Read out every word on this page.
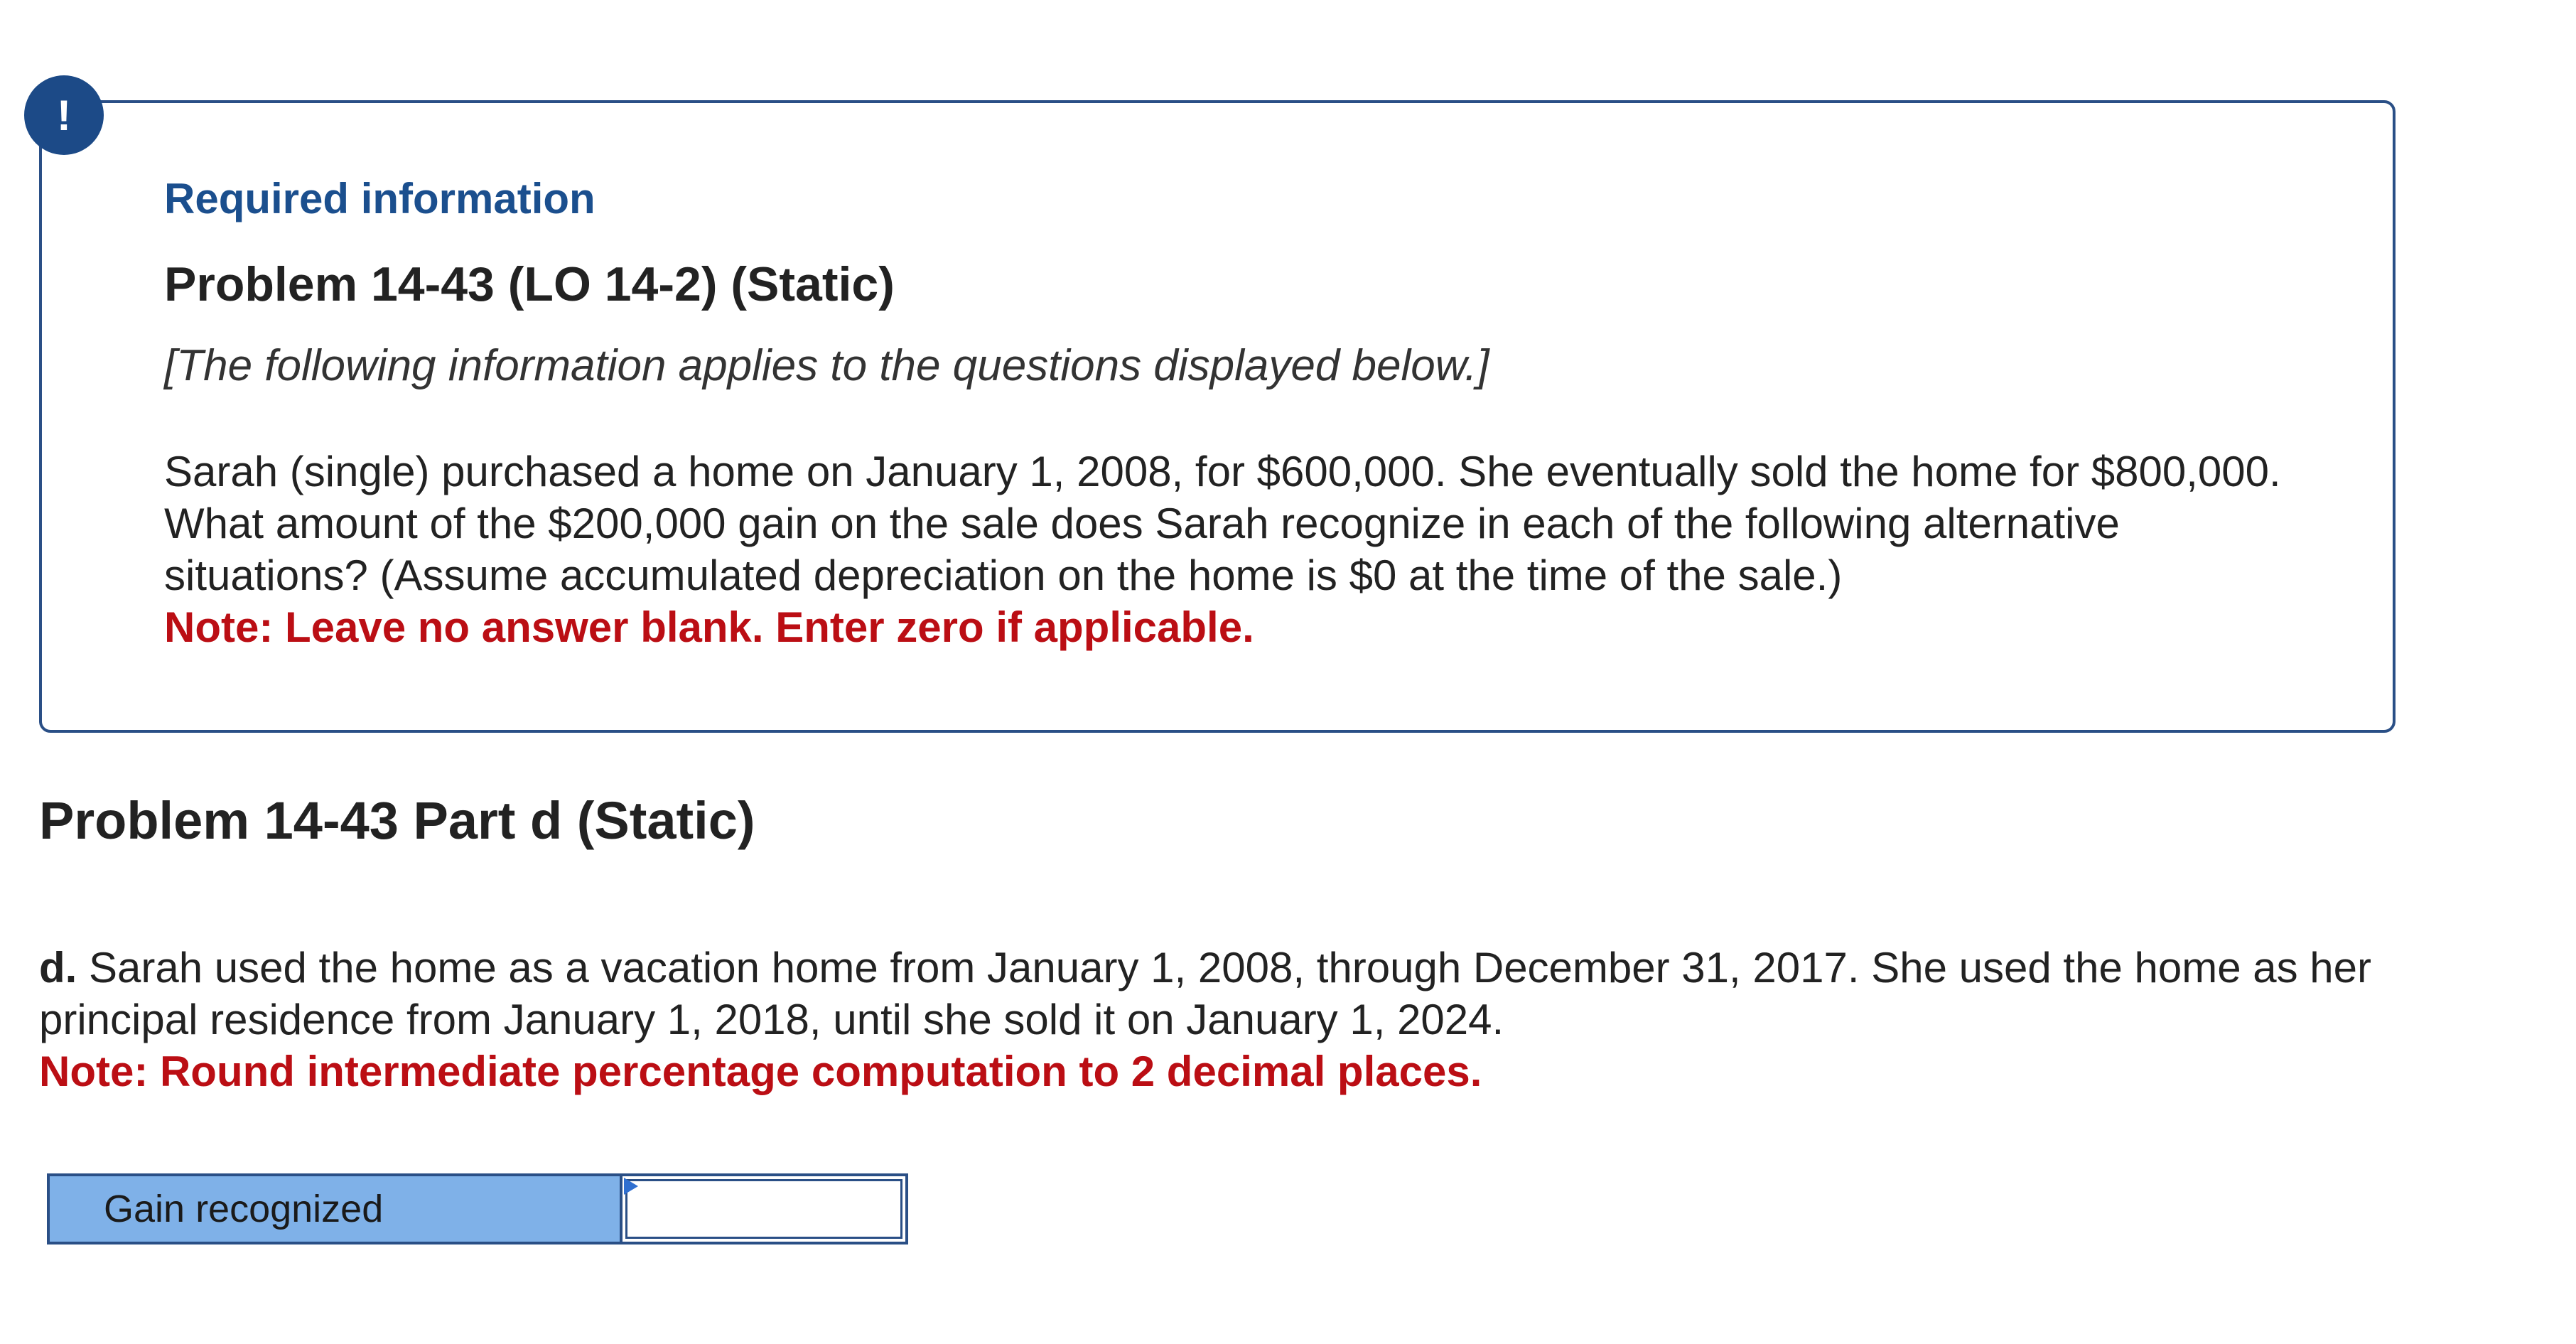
!
Required information
Problem 14-43 (LO 14-2) (Static)
[The following information applies to the questions displayed below.]
Sarah (single) purchased a home on January 1, 2008, for $600,000. She eventually sold the home for $800,000. What amount of the $200,000 gain on the sale does Sarah recognize in each of the following alternative situations? (Assume accumulated depreciation on the home is $0 at the time of the sale.)
Note: Leave no answer blank. Enter zero if applicable.
Problem 14-43 Part d (Static)
d. Sarah used the home as a vacation home from January 1, 2008, through December 31, 2017. She used the home as her principal residence from January 1, 2018, until she sold it on January 1, 2024.
Note: Round intermediate percentage computation to 2 decimal places.
Gain recognized
